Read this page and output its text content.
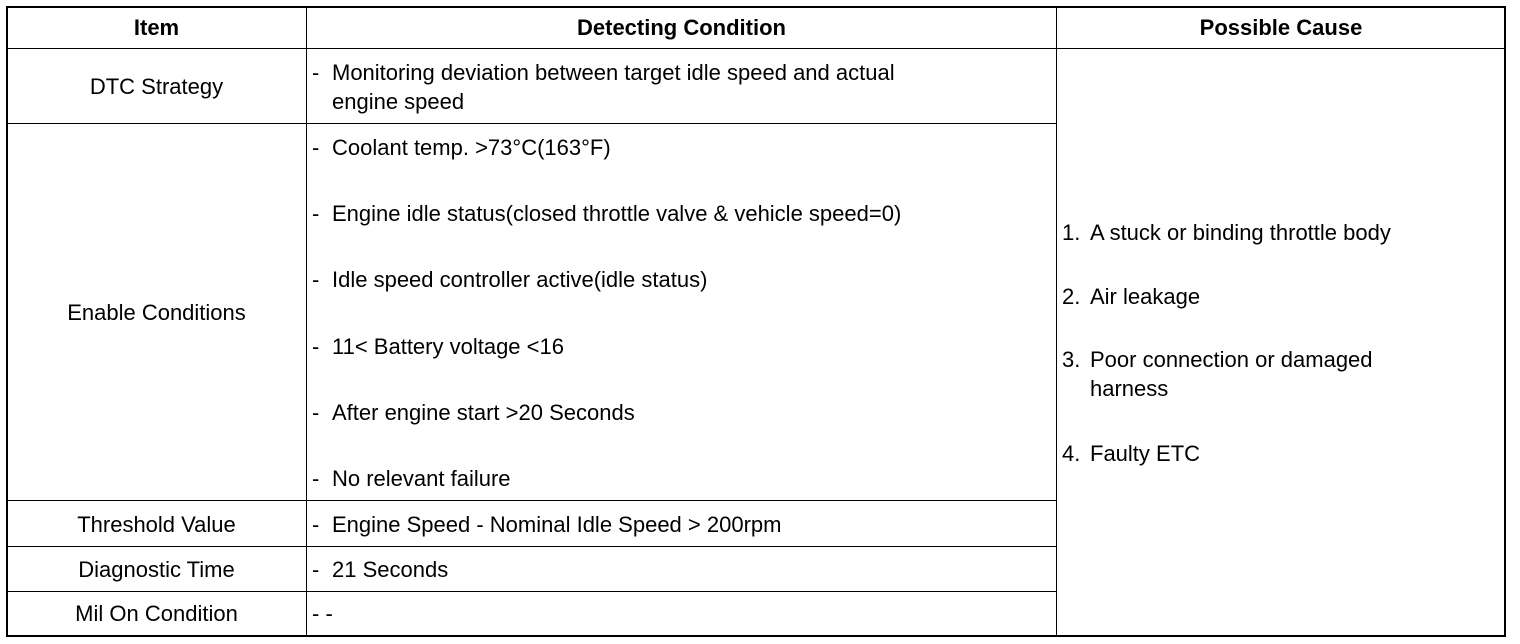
Item	Detecting Condition	Possible Cause
DTC Strategy
Enable Conditions
Threshold Value
Diagnostic Time
Mil On Condition
- Monitoring deviation between target idle speed and actual
engine speed
- Coolant temp. >73°C(163°F)
- Engine idle status(closed throttle valve & vehicle speed=0)
- Idle speed controller active(idle status)
- 11< Battery voltage <16
- After engine start >20 Seconds
- No relevant failure
- Engine Speed - Nominal Idle Speed > 200rpm
- 21 Seconds
- -
1. A stuck or binding throttle body
2. Air leakage
3. Poor connection or damaged
harness
4. Faulty ETC
